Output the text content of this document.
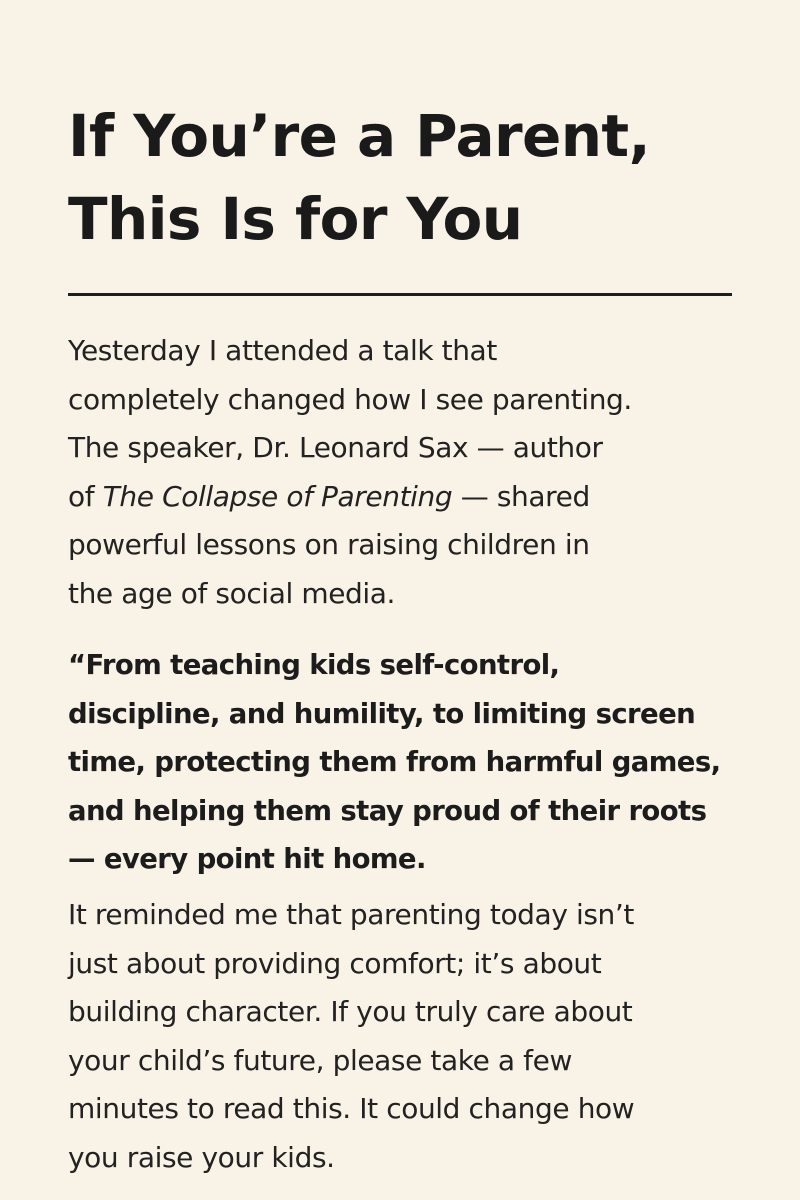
If You’re a Parent,
This Is for You

Yesterday I attended a talk that
completely changed how I see parenting.
The speaker, Dr. Leonard Sax — author
of The Collapse of Parenting — shared
powerful lessons on raising children in
the age of social media.

“From teaching kids self-control,
discipline, and humility, to limiting screen
time, protecting them from harmful games,
and helping them stay proud of their roots
— every point hit home.

It reminded me that parenting today isn’t
just about providing comfort; it’s about
building character. If you truly care about
your child’s future, please take a few
minutes to read this. It could change how
you raise your kids.
